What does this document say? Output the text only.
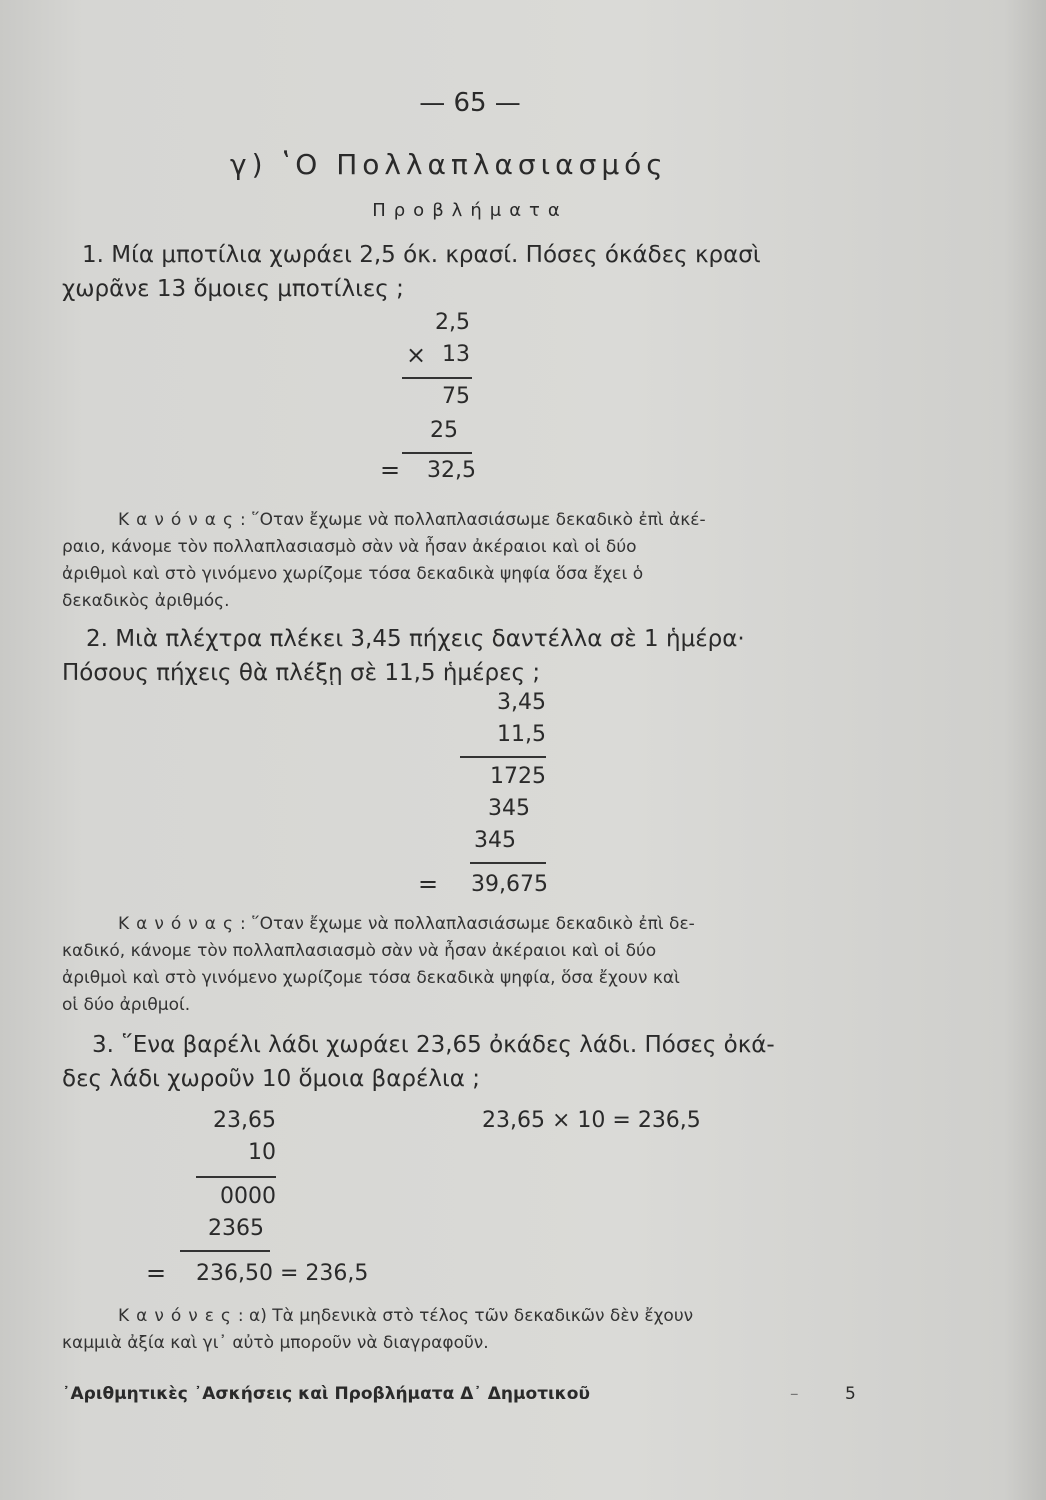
— 65 —
γ) ʽΟ Πολλαπλασιασμός
Προβλήματα
1. Μία μποτίλια χωράει 2,5 όκ. κρασί. Πόσες όκάδες κρασὶ
χωρᾶνε 13 ὅμοιες μποτίλιες ;
2,5
× 13
75
25
=	32,5
Κανόνας: ῞Οταν ἔχωμε νὰ πολλαπλασιάσωμε δεκαδικὸ ἐπὶ ἀκέ-
ραιο, κάνομε τὸν πολλαπλασιασμὸ σὰν νὰ ἦσαν ἀκέραιοι καὶ οἱ δύο
ἀριθμοὶ καὶ στὸ γινόμενο χωρίζομε τόσα δεκαδικὰ ψηφία ὅσα ἔχει ὁ
δεκαδικὸς ἀριθμός.
2. Μιὰ πλέχτρα πλέκει 3,45 πήχεις δαντέλλα σὲ 1 ἡμέρα·
Πόσους πήχεις θὰ πλέξῃ σὲ 11,5 ἡμέρες ;
3,45
11,5
1725
345
345
=	39,675
Κανόνας: ῞Οταν ἔχωμε νὰ πολλαπλασιάσωμε δεκαδικὸ ἐπὶ δε-
καδικό, κάνομε τὸν πολλαπλασιασμὸ σὰν νὰ ἦσαν ἀκέραιοι καὶ οἱ δύο
ἀριθμοὶ καὶ στὸ γινόμενο χωρίζομε τόσα δεκαδικὰ ψηφία, ὅσα ἔχουν καὶ
οἱ δύο ἀριθμοί.
3. ῞Ενα βαρέλι λάδι χωράει 23,65 ὀκάδες λάδι. Πόσες ὀκά-
δες λάδι χωροῦν 10 ὅμοια βαρέλια ;
23,65
10
0000
2365
= 236,50 = 236,5
23,65 × 10 = 236,5
Κανόνες: α) Τὰ μηδενικὰ στὸ τέλος τῶν δεκαδικῶν δὲν ἔχουν
καμμιὰ ἀξία καὶ γι᾽ αὐτὸ μποροῦν νὰ διαγραφοῦν.
᾽Αριθμητικὲς ᾽Ασκήσεις καὶ Προβλήματα Δ᾽ Δημοτικοῦ	–	5
